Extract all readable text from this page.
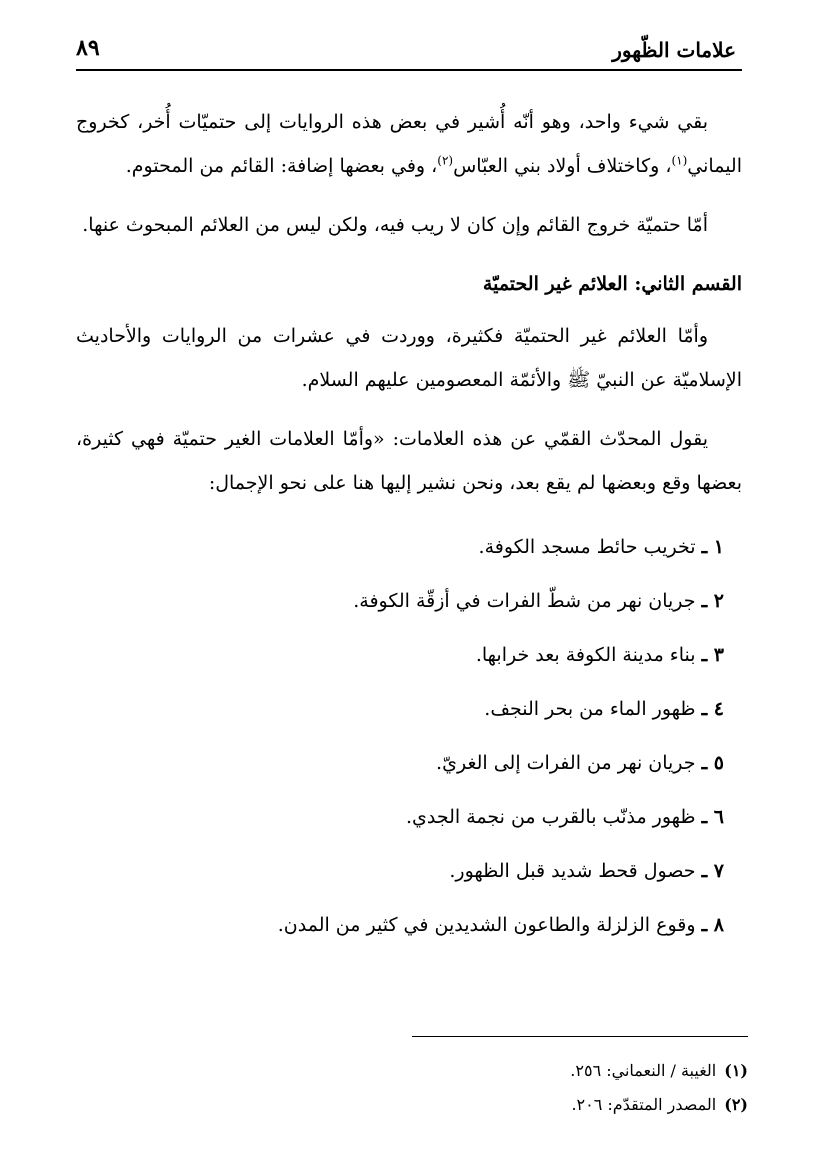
علامات الظّهور
٨٩

بقي شيء واحد، وهو أنّه أُشير في بعض هذه الروايات إلى حتميّات أُخر، كخروج اليماني$^{(١)}$، وكاختلاف أولاد بني العبّاس$^{(٢)}$، وفي بعضها إضافة: القائم من المحتوم.

أمّا حتميّة خروج القائم وإن كان لا ريب فيه، ولكن ليس من العلائم المبحوث عنها.

القسم الثاني: العلائم غير الحتميّة

وأمّا العلائم غير الحتميّة فكثيرة، ووردت في عشرات من الروايات والأحاديث الإسلاميّة عن النبيّ ﷺ والأئمّة المعصومين عليهم السلام.

يقول المحدّث القمّي عن هذه العلامات: «وأمّا العلامات الغير حتميّة فهي كثيرة، بعضها وقع وبعضها لم يقع بعد، ونحن نشير إليها هنا على نحو الإجمال:

١ ـ تخريب حائط مسجد الكوفة.
٢ ـ جريان نهر من شطّ الفرات في أزقّة الكوفة.
٣ ـ بناء مدينة الكوفة بعد خرابها.
٤ ـ ظهور الماء من بحر النجف.
٥ ـ جريان نهر من الفرات إلى الغريّ.
٦ ـ ظهور مذنّب بالقرب من نجمة الجدي.
٧ ـ حصول قحط شديد قبل الظهور.
٨ ـ وقوع الزلزلة والطاعون الشديدين في كثير من المدن.
(١)الغيبة / النعماني: ٢٥٦.
(٢)المصدر المتقدّم: ٢٠٦.
